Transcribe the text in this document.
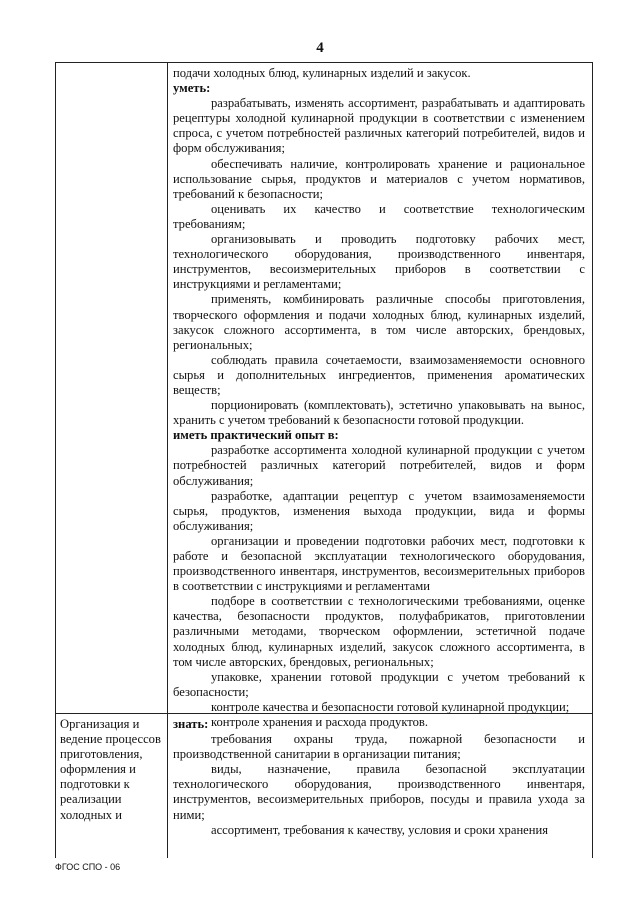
4

подачи холодных блюд, кулинарных изделий и закусок.

уметь:

разрабатывать, изменять ассортимент, разрабатывать и адаптировать рецептуры холодной кулинарной продукции в соответствии с изменением спроса, с учетом потребностей различных категорий потребителей, видов и форм обслуживания;

обеспечивать наличие, контролировать хранение и рациональное использование сырья, продуктов и материалов с учетом нормативов, требований к безопасности;

оценивать их качество и соответствие технологическим требованиям;

организовывать и проводить подготовку рабочих мест, технологического оборудования, производственного инвентаря, инструментов, весоизмерительных приборов в соответствии с инструкциями и регламентами;

применять, комбинировать различные способы приготовления, творческого оформления и подачи холодных блюд, кулинарных изделий, закусок сложного ассортимента, в том числе авторских, брендовых, региональных;

соблюдать правила сочетаемости, взаимозаменяемости основного сырья и дополнительных ингредиентов, применения ароматических веществ;

порционировать (комплектовать), эстетично упаковывать на вынос, хранить с учетом требований к безопасности готовой продукции.

иметь практический опыт в:

разработке ассортимента холодной кулинарной продукции с учетом потребностей различных категорий потребителей, видов и форм обслуживания;

разработке, адаптации рецептур с учетом взаимозаменяемости сырья, продуктов, изменения выхода продукции, вида и формы обслуживания;

организации и проведении подготовки рабочих мест, подготовки к работе и безопасной эксплуатации технологического оборудования, производственного инвентаря, инструментов, весоизмерительных приборов в соответствии с инструкциями и регламентами

подборе в соответствии с технологическими требованиями, оценке качества, безопасности продуктов, полуфабрикатов, приготовлении различными методами, творческом оформлении, эстетичной подаче холодных блюд, кулинарных изделий, закусок сложного ассортимента, в том числе авторских, брендовых, региональных;

упаковке, хранении готовой продукции с учетом требований к безопасности;

контроле качества и безопасности готовой кулинарной продукции;

контроле хранения и расхода продуктов.

Организация и ведение процессов приготовления, оформления и подготовки к реализации холодных и

знать:

требования охраны труда, пожарной безопасности и производственной санитарии в организации питания;

виды, назначение, правила безопасной эксплуатации технологического оборудования, производственного инвентаря, инструментов, весоизмерительных приборов, посуды и правила ухода за ними;

ассортимент, требования к качеству, условия и сроки хранения

ФГОС СПО - 06
